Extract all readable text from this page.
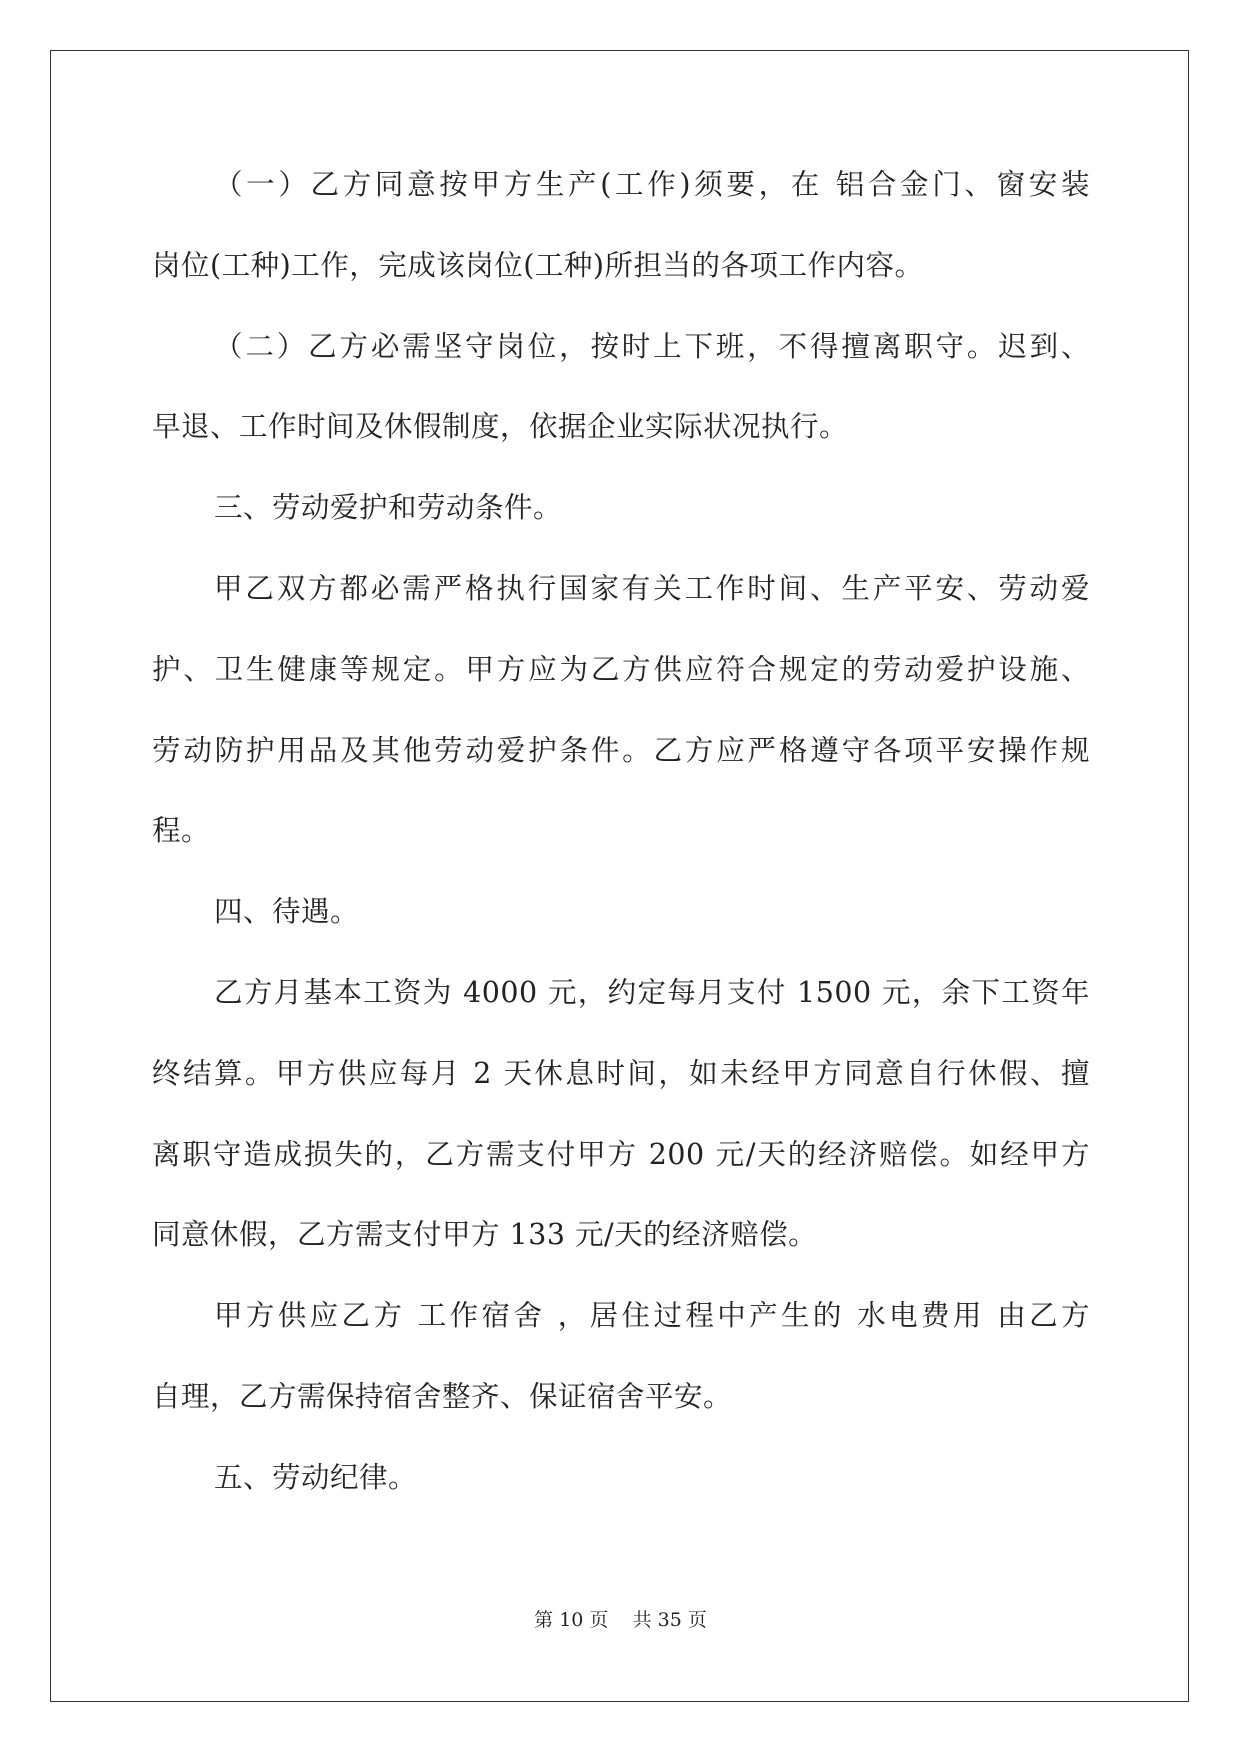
（一）乙方同意按甲方生产(工作)须要，在 铝合金门、窗安装
岗位(工种)工作，完成该岗位(工种)所担当的各项工作内容。
（二）乙方必需坚守岗位，按时上下班，不得擅离职守。迟到、
早退、工作时间及休假制度，依据企业实际状况执行。
三、劳动爱护和劳动条件。
甲乙双方都必需严格执行国家有关工作时间、生产平安、劳动爱
护、卫生健康等规定。甲方应为乙方供应符合规定的劳动爱护设施、
劳动防护用品及其他劳动爱护条件。乙方应严格遵守各项平安操作规
程。
四、待遇。
乙方月基本工资为 4000 元，约定每月支付 1500 元，余下工资年
终结算。甲方供应每月 2 天休息时间，如未经甲方同意自行休假、擅
离职守造成损失的，乙方需支付甲方 200 元/天的经济赔偿。如经甲方
同意休假，乙方需支付甲方 133 元/天的经济赔偿。
甲方供应乙方 工作宿舍 ，居住过程中产生的 水电费用 由乙方
自理，乙方需保持宿舍整齐、保证宿舍平安。
五、劳动纪律。
第 10 页    共 35 页
